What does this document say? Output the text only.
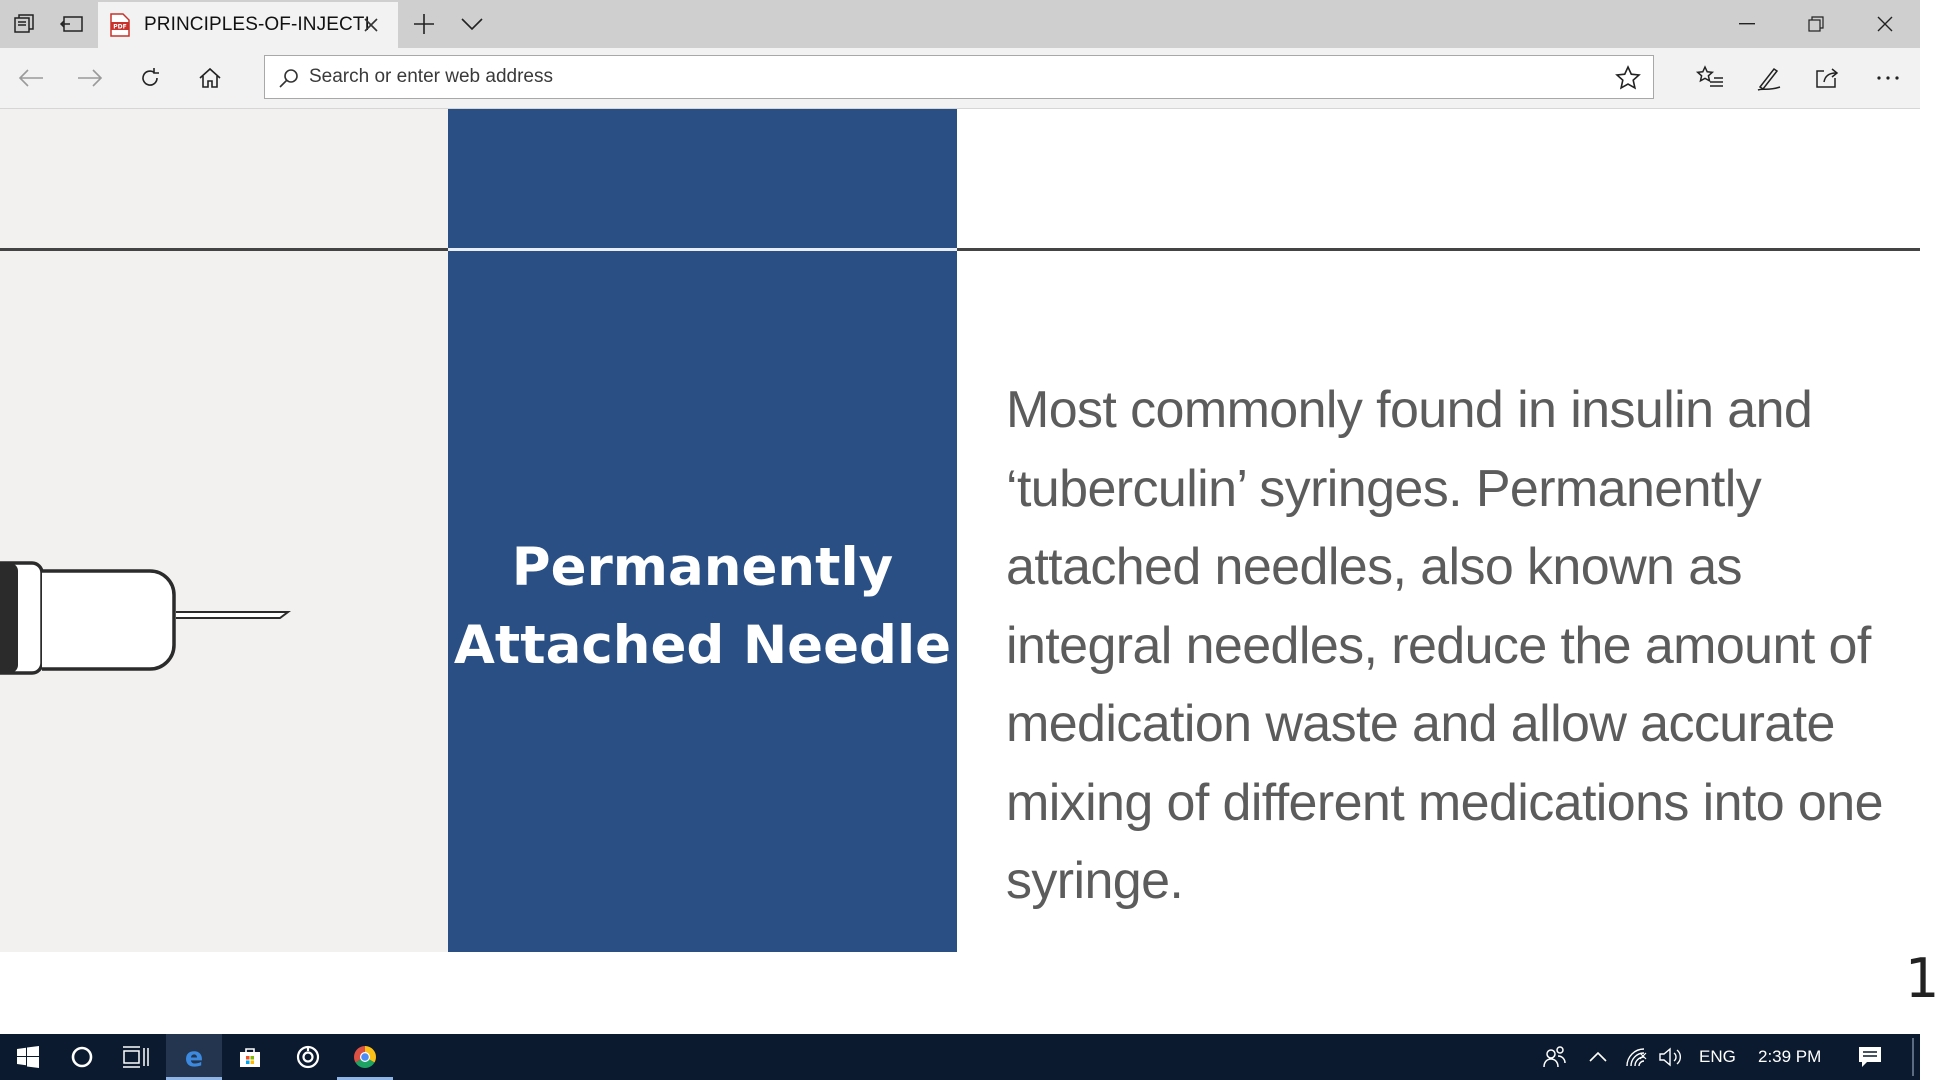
PDF PRINCIPLES-OF-INJECTI
Search or enter web address
Permanently Attached Needle
Most commonly found in insulin and ‘tuberculin’ syringes. Permanently attached needles, also known as integral needles, reduce the amount of medication waste and allow accurate mixing of different medications into one syringe.
1
e	ENG 2:39 PM
